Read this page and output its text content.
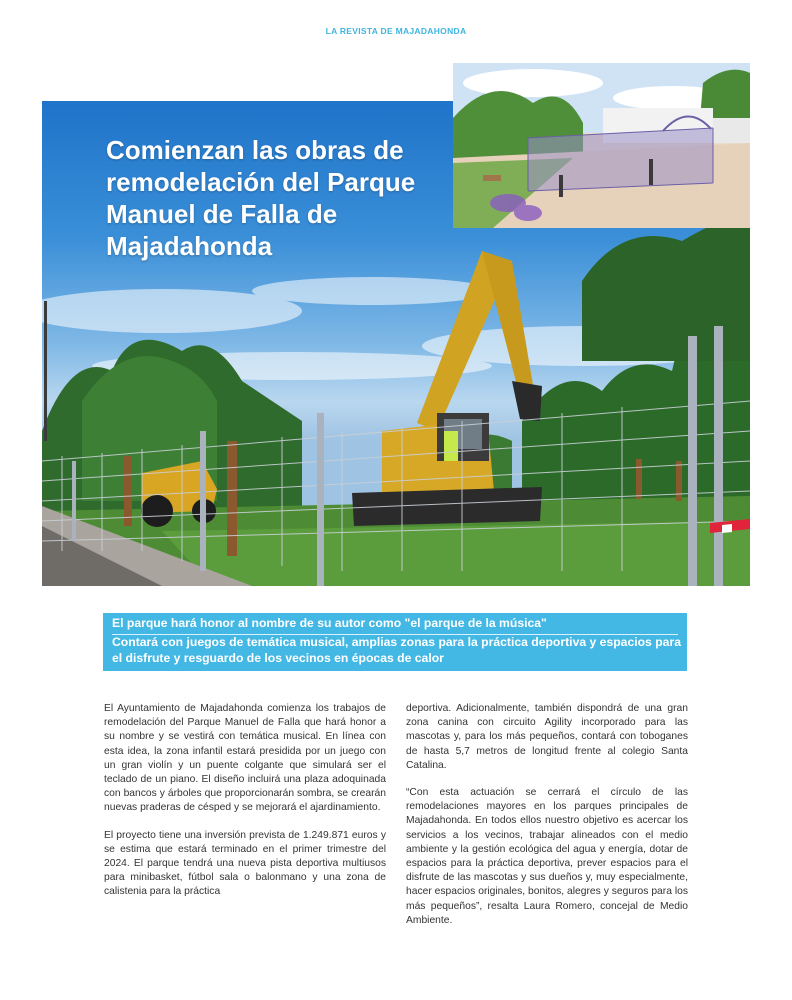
LA REVISTA DE MAJADAHONDA
Comienzan las obras de remodelación del Parque Manuel de Falla de Majadahonda
El parque hará honor al nombre de su autor como "el parque de la música"
Contará con juegos de temática musical, amplias zonas para la práctica deportiva y espacios para el disfrute y resguardo de los vecinos en épocas de calor

El Ayuntamiento de Majadahonda comienza los trabajos de remodelación del Parque Manuel de Falla que hará honor a su nombre y se vestirá con temática musical. En línea con esta idea, la zona infantil estará presidida por un juego con un gran violín y un puente colgante que simulará ser el teclado de un piano. El diseño incluirá una plaza adoquinada con bancos y árboles que proporcionarán sombra, se crearán nuevas praderas de césped y se mejorará el ajardinamiento.

El proyecto tiene una inversión prevista de 1.249.871 euros y se estima que estará terminado en el primer trimestre del 2024. El parque tendrá una nueva pista deportiva multiusos para minibasket, fútbol sala o balonmano y una zona de calistenia para la práctica

deportiva. Adicionalmente, también dispondrá de una gran zona canina con circuito Agility incorporado para las mascotas y, para los más pequeños, contará con toboganes de hasta 5,7 metros de longitud frente al colegio Santa Catalina.

“Con esta actuación se cerrará el círculo de las remodelaciones mayores en los parques principales de Majadahonda. En todos ellos nuestro objetivo es acercar los servicios a los vecinos, trabajar alineados con el medio ambiente y la gestión ecológica del agua y energía, dotar de espacios para la práctica deportiva, prever espacios para el disfrute de las mascotas y sus dueños y, muy especialmente, hacer espacios originales, bonitos, alegres y seguros para los más pequeños”, resalta Laura Romero, concejal de Medio Ambiente.
